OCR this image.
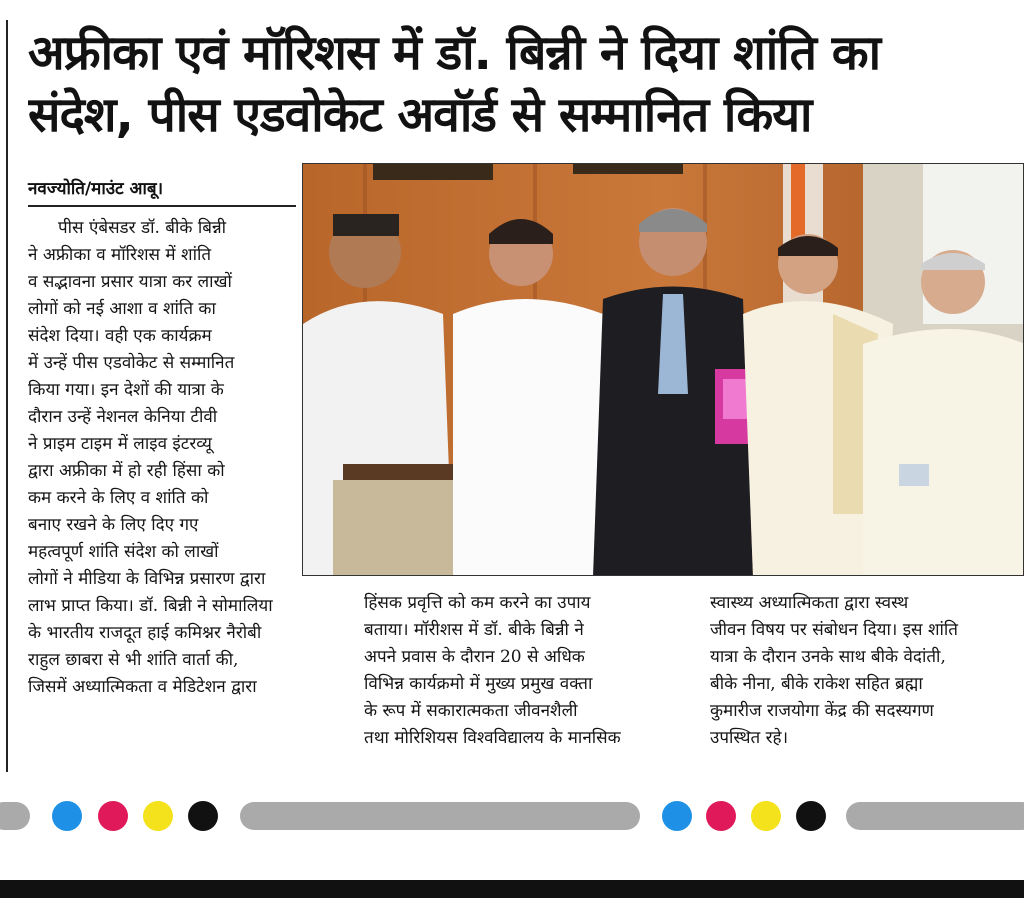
अफ्रीका एवं मॉरिशस में डॉ. बिन्नी ने दिया शांति का
संदेश, पीस एडवोकेट अवॉर्ड से सम्मानित किया
नवज्योति/माउंट आबू।
पीस एंबेसडर डॉ. बीके बिन्नी
ने अफ्रीका व मॉरिशस में शांति
व सद्भावना प्रसार यात्रा कर लाखों
लोगों को नई आशा व शांति का
संदेश दिया। वही एक कार्यक्रम
में उन्हें पीस एडवोकेट से सम्मानित
किया गया। इन देशों की यात्रा के
दौरान उन्हें नेशनल केनिया टीवी
ने प्राइम टाइम में लाइव इंटरव्यू
द्वारा अफ्रीका में हो रही हिंसा को
कम करने के लिए व शांति को
बनाए रखने के लिए दिए गए
महत्वपूर्ण शांति संदेश को लाखों
लोगों ने मीडिया के विभिन्न प्रसारण द्वारा
लाभ प्राप्त किया। डॉ. बिन्नी ने सोमालिया
के भारतीय राजदूत हाई कमिश्नर नैरोबी
राहुल छाबरा से भी शांति वार्ता की,
जिसमें अध्यात्मिकता व मेडिटेशन द्वारा
हिंसक प्रवृत्ति को कम करने का उपाय
बताया। मॉरीशस में डॉ. बीके बिन्नी ने
अपने प्रवास के दौरान 20 से अधिक
विभिन्न कार्यक्रमो में मुख्य प्रमुख वक्ता
के रूप में सकारात्मकता जीवनशैली
तथा मोरिशियस विश्वविद्यालय के मानसिक
स्वास्थ्य अध्यात्मिकता द्वारा स्वस्थ
जीवन विषय पर संबोधन दिया। इस शांति
यात्रा के दौरान उनके साथ बीके वेदांती,
बीके नीना, बीके राकेश सहित ब्रह्मा
कुमारीज राजयोगा केंद्र की सदस्यगण
उपस्थित रहे।
